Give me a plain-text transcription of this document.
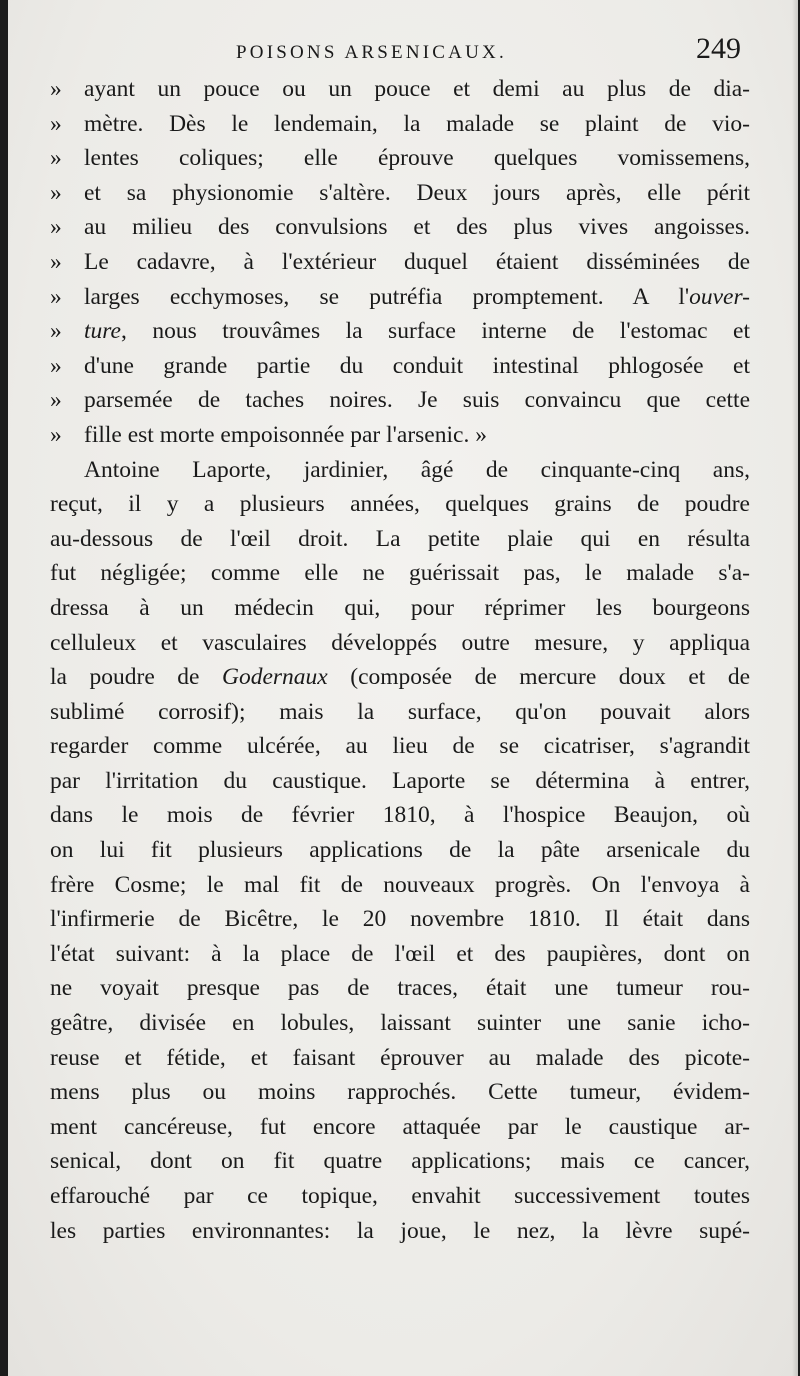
POISONS ARSENICAUX.	249
» ayant un pouce ou un pouce et demi au plus de dia-
» mètre. Dès le lendemain, la malade se plaint de vio-
» lentes coliques; elle éprouve quelques vomissemens,
» et sa physionomie s'altère. Deux jours après, elle périt
» au milieu des convulsions et des plus vives angoisses.
» Le cadavre, à l'extérieur duquel étaient disséminées de
» larges ecchymoses, se putréfia promptement. A l'ouver-
» ture, nous trouvâmes la surface interne de l'estomac et
» d'une grande partie du conduit intestinal phlogosée et
» parsemée de taches noires. Je suis convaincu que cette
» fille est morte empoisonnée par l'arsenic. »
Antoine Laporte, jardinier, âgé de cinquante-cinq ans,
reçut, il y a plusieurs années, quelques grains de poudre
au-dessous de l'œil droit. La petite plaie qui en résulta
fut négligée; comme elle ne guérissait pas, le malade s'a-
dressa à un médecin qui, pour réprimer les bourgeons
celluleux et vasculaires développés outre mesure, y appliqua
la poudre de Godernaux (composée de mercure doux et de
sublimé corrosif); mais la surface, qu'on pouvait alors
regarder comme ulcérée, au lieu de se cicatriser, s'agrandit
par l'irritation du caustique. Laporte se détermina à entrer,
dans le mois de février 1810, à l'hospice Beaujon, où
on lui fit plusieurs applications de la pâte arsenicale du
frère Cosme; le mal fit de nouveaux progrès. On l'envoya à
l'infirmerie de Bicêtre, le 20 novembre 1810. Il était dans
l'état suivant: à la place de l'œil et des paupières, dont on
ne voyait presque pas de traces, était une tumeur rou-
geâtre, divisée en lobules, laissant suinter une sanie icho-
reuse et fétide, et faisant éprouver au malade des picote-
mens plus ou moins rapprochés. Cette tumeur, évidem-
ment cancéreuse, fut encore attaquée par le caustique ar-
senical, dont on fit quatre applications; mais ce cancer,
effarouché par ce topique, envahit successivement toutes
les parties environnantes: la joue, le nez, la lèvre supé-
